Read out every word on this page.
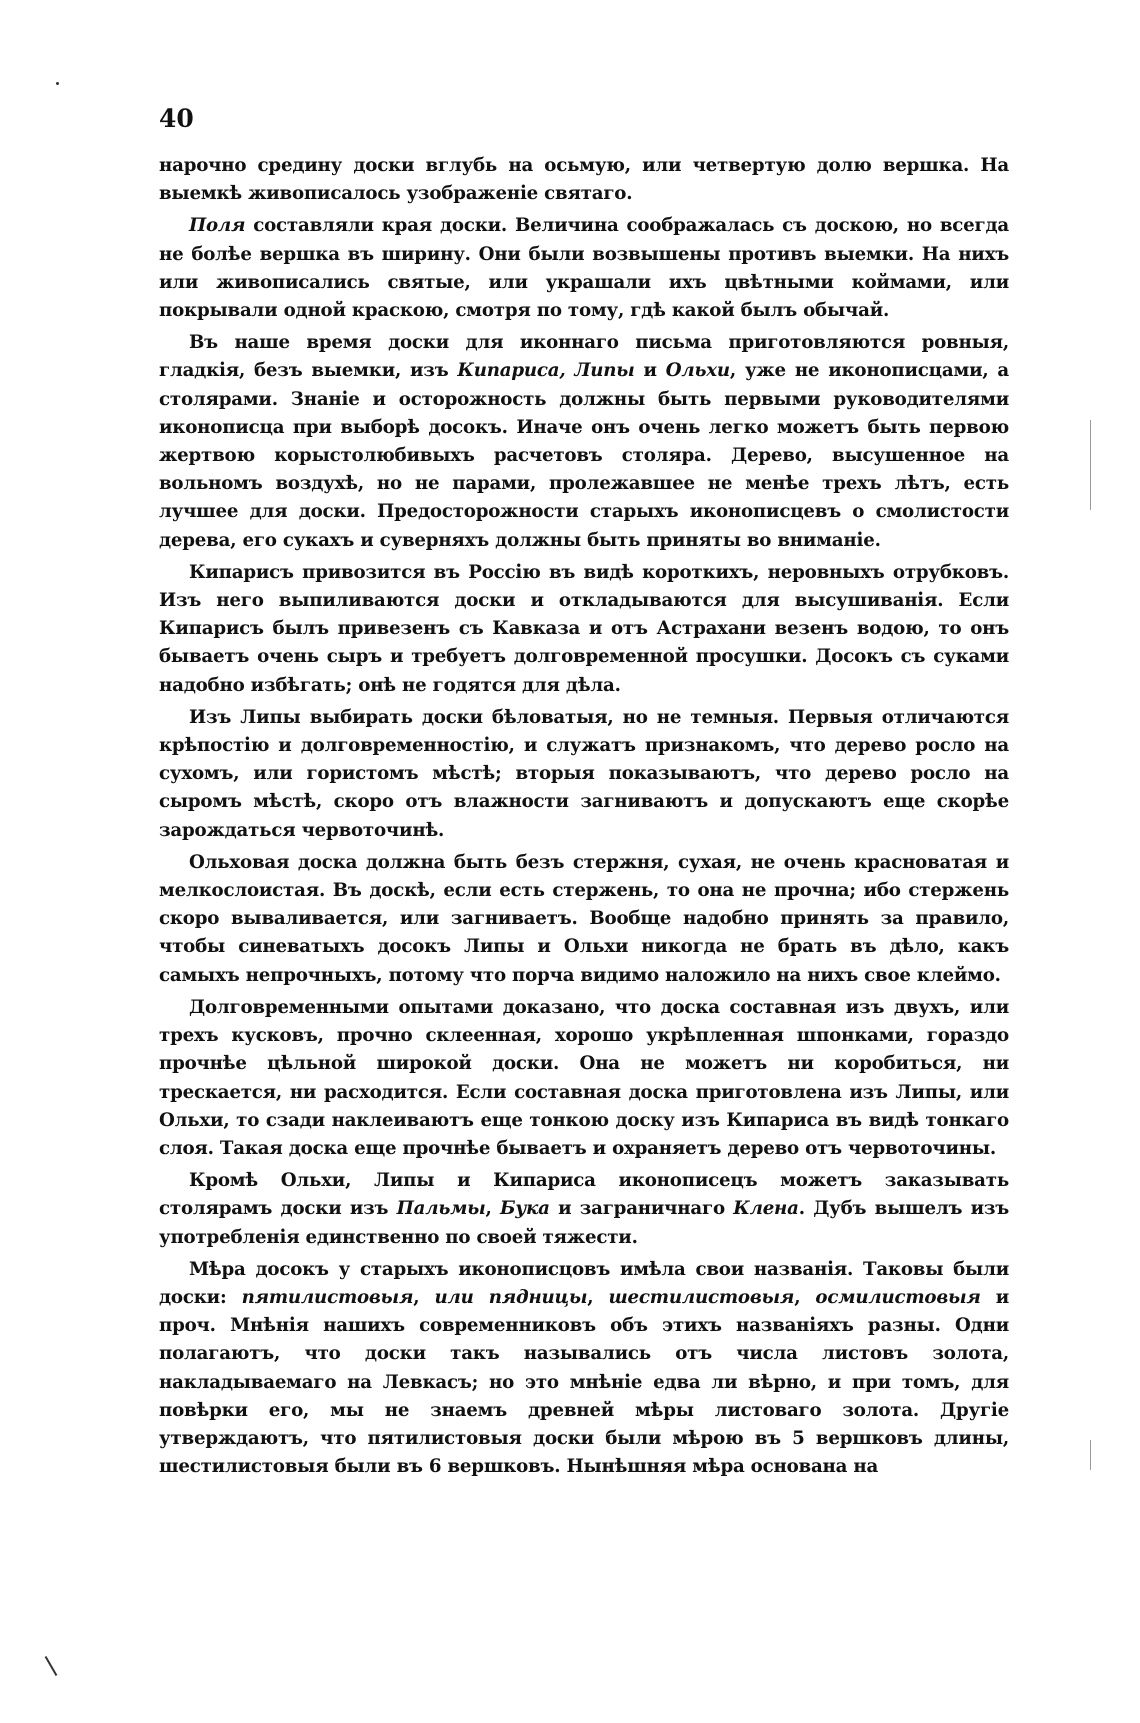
40

нарочно средину доски вглубь на осьмую, или четвертую долю вершка. На выемкѣ живописалось узображеніе святаго.

Поля составляли края доски. Величина соображалась съ доскою, но всегда не болѣе вершка въ ширину. Они были возвышены противъ выемки. На нихъ или живописались святые, или украшали ихъ цвѣтными коймами, или покрывали одной краскою, смотря по тому, гдѣ какой былъ обычай.

Въ наше время доски для иконнаго письма приготовляются ровныя, гладкія, безъ выемки, изъ Кипариса, Липы и Ольхи, уже не иконописцами, а столярами. Знаніе и осторожность должны быть первыми руководителями иконописца при выборѣ досокъ. Иначе онъ очень легко можетъ быть первою жертвою корыстолюбивыхъ расчетовъ столяра. Дерево, высушенное на вольномъ воздухѣ, но не парами, пролежавшее не менѣе трехъ лѣтъ, есть лучшее для доски. Предосторожности старыхъ иконописцевъ о смолистости дерева, его сукахъ и суверняхъ должны быть приняты во вниманіе.

Кипарисъ привозится въ Россію въ видѣ короткихъ, неровныхъ отрубковъ. Изъ него выпиливаются доски и откладываются для высушиванія. Если Кипарисъ былъ привезенъ съ Кавказа и отъ Астрахани везенъ водою, то онъ бываетъ очень сыръ и требуетъ долговременной просушки. Досокъ съ суками надобно избѣгать; онѣ не годятся для дѣла.

Изъ Липы выбирать доски бѣловатыя, но не темныя. Первыя отличаются крѣпостію и долговременностію, и служатъ признакомъ, что дерево росло на сухомъ, или гористомъ мѣстѣ; вторыя показываютъ, что дерево росло на сыромъ мѣстѣ, скоро отъ влажности загниваютъ и допускаютъ еще скорѣе зарождаться червоточинѣ.

Ольховая доска должна быть безъ стержня, сухая, не очень красноватая и мелкослоистая. Въ доскѣ, если есть стержень, то она не прочна; ибо стержень скоро вываливается, или загниваетъ. Вообще надобно принять за правило, чтобы синеватыхъ досокъ Липы и Ольхи никогда не брать въ дѣло, какъ самыхъ непрочныхъ, потому что порча видимо наложило на нихъ свое клеймо.

Долговременными опытами доказано, что доска составная изъ двухъ, или трехъ кусковъ, прочно склеенная, хорошо укрѣпленная шпонками, гораздо прочнѣе цѣльной широкой доски. Она не можетъ ни коробиться, ни трескается, ни расходится. Если составная доска приготовлена изъ Липы, или Ольхи, то сзади наклеиваютъ еще тонкою доску изъ Кипариса въ видѣ тонкаго слоя. Такая доска еще прочнѣе бываетъ и охраняетъ дерево отъ червоточины.

Кромѣ Ольхи, Липы и Кипариса иконописецъ можетъ заказывать столярамъ доски изъ Пальмы, Бука и заграничнаго Клена. Дубъ вышелъ изъ употребленія единственно по своей тяжести.

Мѣра досокъ у старыхъ иконописцовъ имѣла свои названія. Таковы были доски: пятилистовыя, или пядницы, шестилистовыя, осмилистовыя и проч. Мнѣнія нашихъ современниковъ объ этихъ названіяхъ разны. Одни полагаютъ, что доски такъ назывались отъ числа листовъ золота, накладываемаго на Левкасъ; но это мнѣніе едва ли вѣрно, и при томъ, для повѣрки его, мы не знаемъ древней мѣры листоваго золота. Другіе утверждаютъ, что пятилистовыя доски были мѣрою въ 5 вершковъ длины, шестилистовыя были въ 6 вершковъ. Нынѣшняя мѣра основана на
